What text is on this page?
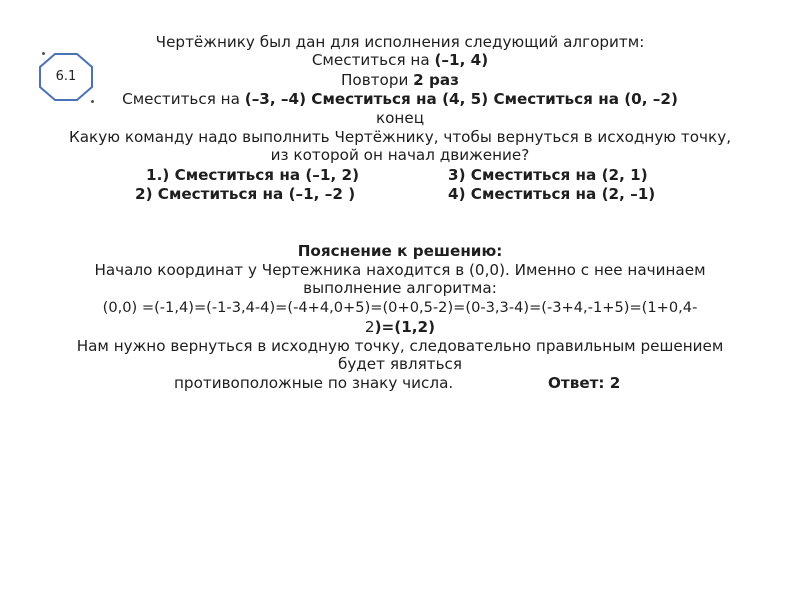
6.1
Чертёжнику был дан для исполнения следующий алгоритм:
Сместиться на (–1, 4)
Повтори 2 раз
Сместиться на (–3, –4) Сместиться на (4, 5) Сместиться на (0, –2)
конец
Какую команду надо выполнить Чертёжнику, чтобы вернуться в исходную точку,
из которой он начал движение?
1.) Сместиться на (–1, 2)	3) Сместиться на (2, 1)
2) Сместиться на (–1, –2 )	4) Сместиться на (2, –1)
Пояснение к решению:
Начало координат у Чертежника находится в (0,0). Именно с нее начинаем
выполнение алгоритма:
(0,0) =(-1,4)=(-1-3,4-4)=(-4+4,0+5)=(0+0,5-2)=(0-3,3-4)=(-3+4,-1+5)=(1+0,4-
2)=(1,2)
Нам нужно вернуться в исходную точку, следовательно правильным решением
будет являться
противоположные по знаку числа.	Ответ: 2
